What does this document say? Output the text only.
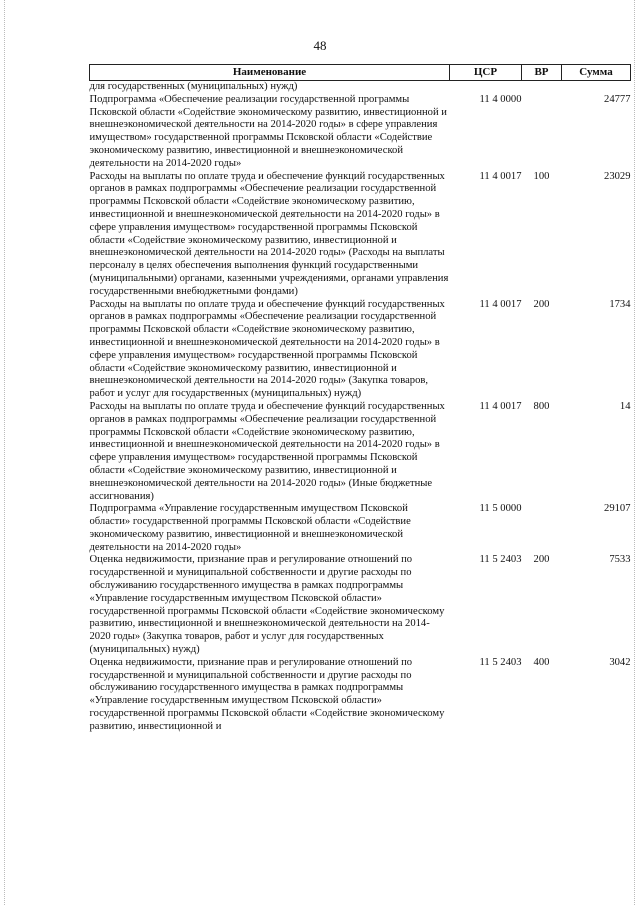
48
Наименование	ЦСР	ВР	Сумма
для государственных (муниципальных) нужд)			
Подпрограмма «Обеспечение реализации государственной программы Псковской области «Содействие экономическому развитию, инвестиционной и внешнеэкономической деятельности на 2014-2020 годы» в сфере управления имуществом» государственной программы Псковской области «Содействие экономическому развитию, инвестиционной и внешнеэкономической деятельности на 2014-2020 годы»	11 4 0000		24777
Расходы на выплаты по оплате труда и обеспечение функций государственных органов в рамках подпрограммы «Обеспечение реализации государственной программы Псковской области «Содействие экономическому развитию, инвестиционной и внешнеэкономической деятельности на 2014-2020 годы» в сфере управления имуществом» государственной программы Псковской области «Содействие экономическому развитию, инвестиционной и внешнеэкономической деятельности на 2014-2020 годы» (Расходы на выплаты персоналу в целях обеспечения выполнения функций государственными (муниципальными) органами, казенными учреждениями, органами управления государственными внебюджетными фондами)	11 4 0017	100	23029
Расходы на выплаты по оплате труда и обеспечение функций государственных органов в рамках подпрограммы «Обеспечение реализации государственной программы Псковской области «Содействие экономическому развитию, инвестиционной и внешнеэкономической деятельности на 2014-2020 годы» в сфере управления имуществом» государственной программы Псковской области «Содействие экономическому развитию, инвестиционной и внешнеэкономической деятельности на 2014-2020 годы» (Закупка товаров, работ и услуг для государственных (муниципальных) нужд)	11 4 0017	200	1734
Расходы на выплаты по оплате труда и обеспечение функций государственных органов в рамках подпрограммы «Обеспечение реализации государственной программы Псковской области «Содействие экономическому развитию, инвестиционной и внешнеэкономической деятельности на 2014-2020 годы» в сфере управления имуществом» государственной программы Псковской области «Содействие экономическому развитию, инвестиционной и внешнеэкономической деятельности на 2014-2020 годы» (Иные бюджетные ассигнования)	11 4 0017	800	14
Подпрограмма «Управление государственным имуществом Псковской области» государственной программы Псковской области «Содействие экономическому развитию, инвестиционной и внешнеэкономической деятельности на 2014-2020 годы»	11 5 0000		29107
Оценка недвижимости, признание прав и регулирование отношений по государственной и муниципальной собственности и другие расходы по обслуживанию государственного имущества в рамках подпрограммы «Управление государственным имуществом Псковской области» государственной программы Псковской области «Содействие экономическому развитию, инвестиционной и внешнеэкономической деятельности на 2014-2020 годы» (Закупка товаров, работ и услуг для государственных (муниципальных) нужд)	11 5 2403	200	7533
Оценка недвижимости, признание прав и регулирование отношений по государственной и муниципальной собственности и другие расходы по обслуживанию государственного имущества в рамках подпрограммы «Управление государственным имуществом Псковской области» государственной программы Псковской области «Содействие экономическому развитию, инвестиционной и	11 5 2403	400	3042
